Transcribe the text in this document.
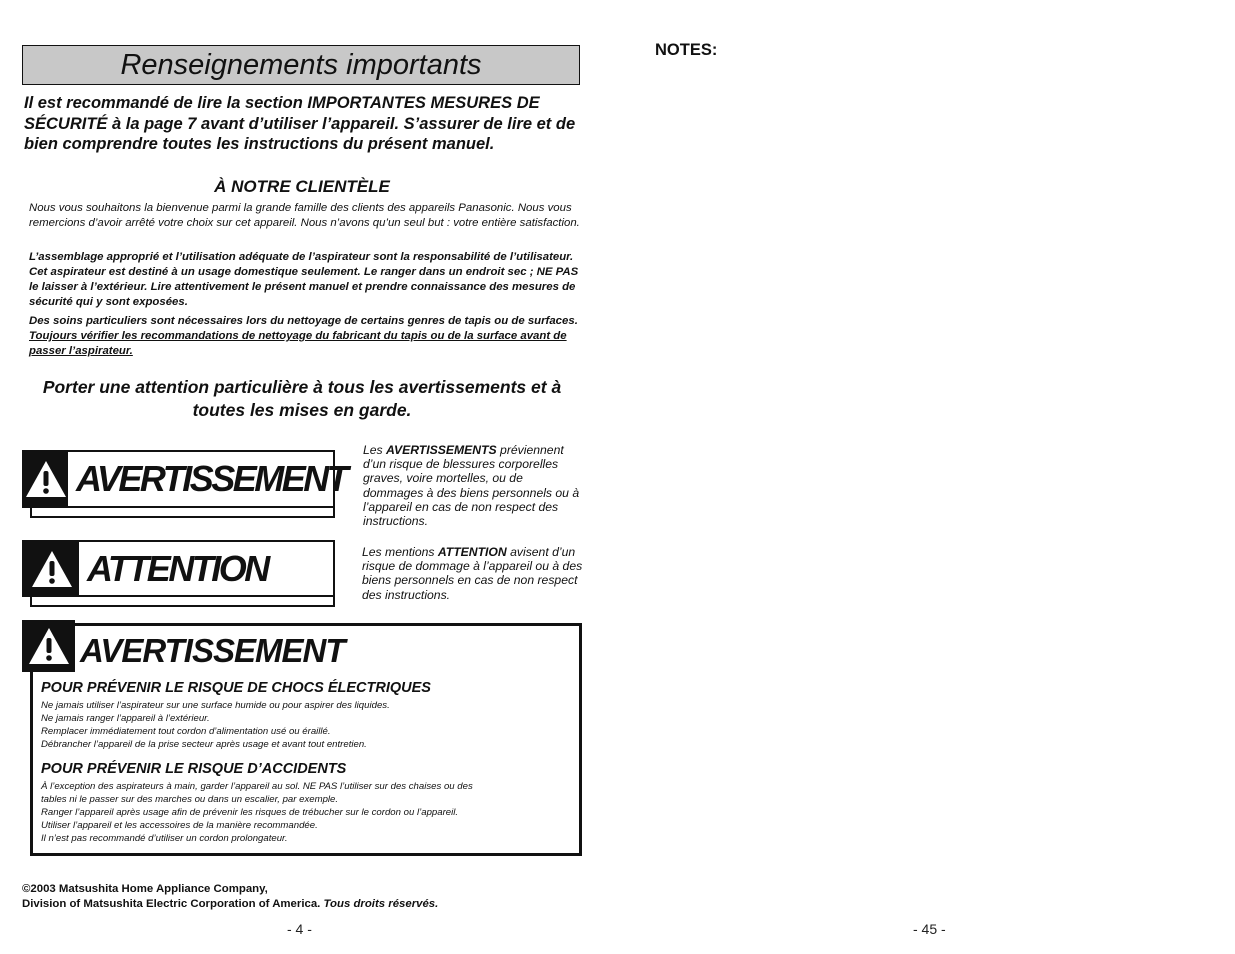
Renseignements importants
Il est recommandé de lire la section IMPORTANTES MESURES DE SÉCURITÉ à la page 7 avant d’utiliser l’appareil. S’assurer de lire et de bien comprendre toutes les instructions du présent manuel.
À NOTRE CLIENTÈLE
Nous vous souhaitons la bienvenue parmi la grande famille des clients des appareils Panasonic. Nous vous remercions d’avoir arrêté votre choix sur cet appareil. Nous n’avons qu’un seul but : votre entière satisfaction.
L’assemblage approprié et l’utilisation adéquate de l’aspirateur sont la responsabilité de l’utilisateur. Cet aspirateur est destiné à un usage domestique seulement. Le ranger dans un endroit sec ; NE PAS le laisser à l’extérieur. Lire attentivement le présent manuel et prendre connaissance des mesures de sécurité qui y sont exposées.
Des soins particuliers sont nécessaires lors du nettoyage de certains genres de tapis ou de surfaces. Toujours vérifier les recommandations de nettoyage du fabricant du tapis ou de la surface avant de passer l’aspirateur.
Porter une attention particulière à tous les avertissements et à toutes les mises en garde.
AVERTISSEMENT
Les AVERTISSEMENTS préviennent d’un risque de blessures corporelles graves, voire mortelles, ou de dommages à des biens personnels ou à l’appareil en cas de non respect des instructions.
ATTENTION	Les mentions ATTENTION avisent d’un risque de dommage à l’appareil ou à des biens personnels en cas de non respect des instructions.
AVERTISSEMENT
POUR PRÉVENIR LE RISQUE DE CHOCS ÉLECTRIQUES
Ne jamais utiliser l’aspirateur sur une surface humide ou pour aspirer des liquides.
Ne jamais ranger l’appareil à l’extérieur.
Remplacer immédiatement tout cordon d’alimentation usé ou éraillé.
Débrancher l’appareil de la prise secteur après usage et avant tout entretien.
POUR PRÉVENIR LE RISQUE D’ACCIDENTS
À l’exception des aspirateurs à main, garder l’appareil au sol. NE PAS l’utiliser sur des chaises ou des
tables ni le passer sur des marches ou dans un escalier, par exemple.
Ranger l’appareil après usage afin de prévenir les risques de trébucher sur le cordon ou l’appareil.
Utiliser l’appareil et les accessoires de la manière recommandée.
Il n’est pas recommandé d’utiliser un cordon prolongateur.
©2003 Matsushita Home Appliance Company,
Division of Matsushita Electric Corporation of America. Tous droits réservés.
- 4 -
NOTES:
- 45 -
